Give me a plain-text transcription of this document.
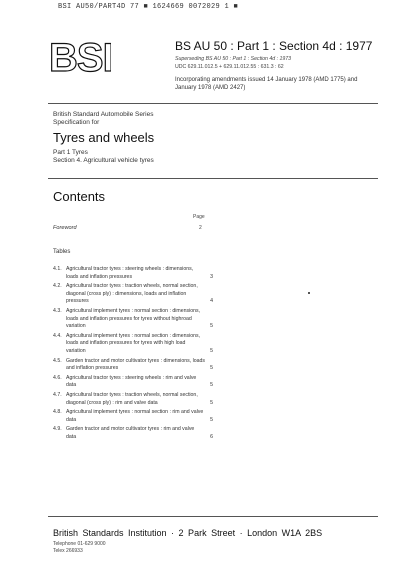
BSI AU50/PART4D 77 ■ 1624669 0072029 1 ■
BSI	BS AU 50 : Part 1 : Section 4d : 1977
Superseding BS AU 50 : Part 1 : Section 4d : 1973
UDC 629.11.012.5 + 629.11.012.55 : 631.3 : 62
Incorporating amendments issued 14 January 1978 (AMD 1775) and January 1978 (AMD 2427)
British Standard Automobile Series
Specification for
Tyres and wheels
Part 1 Tyres
Section 4. Agricultural vehicle tyres
Contents
Page
Foreword	2
Tables
4.1. Agricultural tractor tyres : steering wheels : dimensions, loads and inflation pressures	3
4.2. Agricultural tractor tyres : traction wheels, normal section, diagonal (cross ply) : dimensions, loads and inflation pressures	4
4.3. Agricultural implement tyres : normal section : dimensions, loads and inflation pressures for tyres without highroad variation	5
4.4. Agricultural implement tyres : normal section : dimensions, loads and inflation pressures for tyres with high load variation	5
4.5. Garden tractor and motor cultivator tyres : dimensions, loads and inflation pressures	5
4.6. Agricultural tractor tyres : steering wheels : rim and valve data	5
4.7. Agricultural tractor tyres : traction wheels, normal section, diagonal (cross ply) : rim and valve data	5
4.8. Agricultural implement tyres : normal section : rim and valve data	5
4.9. Garden tractor and motor cultivator tyres : rim and valve data	6
British Standards Institution · 2 Park Street · London W1A 2BS
Telephone 01-629 9000
Telex 266933
